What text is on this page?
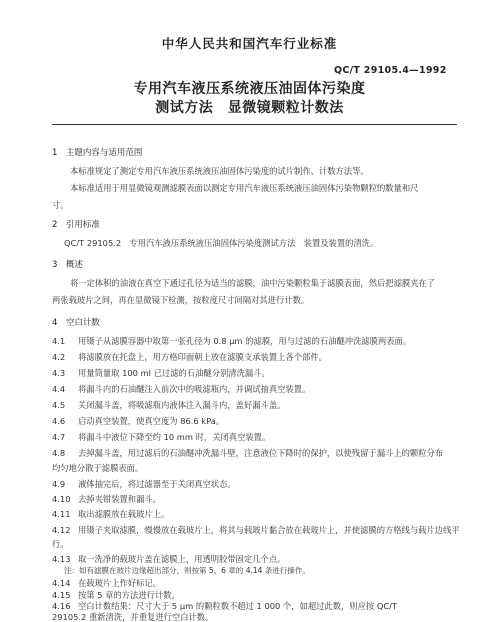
中华人民共和国汽车行业标准
QC/T 29105.4—1992
专用汽车液压系统液压油固体污染度
测试方法　显微镜颗粒计数法
1　主题内容与适用范围
本标准规定了测定专用汽车液压系统液压油固体污染度的试片制作、计数方法等。
本标准适用于用显微镜观测滤膜表面以测定专用汽车液压系统液压油固体污染物颗粒的数量和尺
寸。
2　引用标准
QC/T 29105.2　专用汽车液压系统液压油固体污染度测试方法　装置及装置的清洗。
3　概述
将一定体积的油液在真空下通过孔径为适当的滤膜，油中污染颗粒集于滤膜表面，然后把滤膜夹在了
两张载玻片之间，再在显微镜下检测，按粒度尺寸间隔对其进行计数。
4　空白计数
4.1 用镊子从滤膜容器中取第一张孔径为 0.8 μm 的滤膜，用与过滤的石油醚冲洗滤膜两表面。
4.2 将滤膜放在托盘上，用方格印面朝上放在滤膜支承装置上各个部件。
4.3 用量筒量取 100 ml 已过滤的石油醚分别清洗漏斗。
4.4 将漏斗内的石油醚注入前次中的吸滤瓶内，并调试抽真空装置。
4.5 关闭漏斗盖，将吸滤瓶内液体注入漏斗内，盖好漏斗盖。
4.6 启动真空装置，使真空度为 86.6 kPa。
4.7 将漏斗中液位下降至约 10 mm 时，关闭真空装置。
4.8 去掉漏斗盖，用过滤后的石油醚冲洗漏斗壁，注意液位下降时的保护，以使残留于漏斗上的颗粒分布
均匀地分散于滤膜表面。
4.9 液体抽完后，将过滤器至于关闭真空状态。
4.10 去掉夹钳装置和漏斗。
4.11 取出滤膜放在载玻片上。
4.12 用镊子夹取滤膜，慢慢放在载玻片上，将其与载玻片黏合放在载玻片上，并使滤膜的方格线与载片边线平
行。
4.13 取一洗净的载玻片盖在滤膜上，用透明胶带固定几个点。
注：如有滤膜在玻片边缘超出部分，则按第 5、6 章的 4.14 条进行操作。
4.14 在载玻片上作好标记。
4.15 按第 5 章的方法进行计数。
4.16 空白计数结果：尺寸大于 5 μm 的颗粒数不超过 1 000 个，如超过此数，则应按 QC/T
29105.2 重新清洗，并重复进行空白计数。
